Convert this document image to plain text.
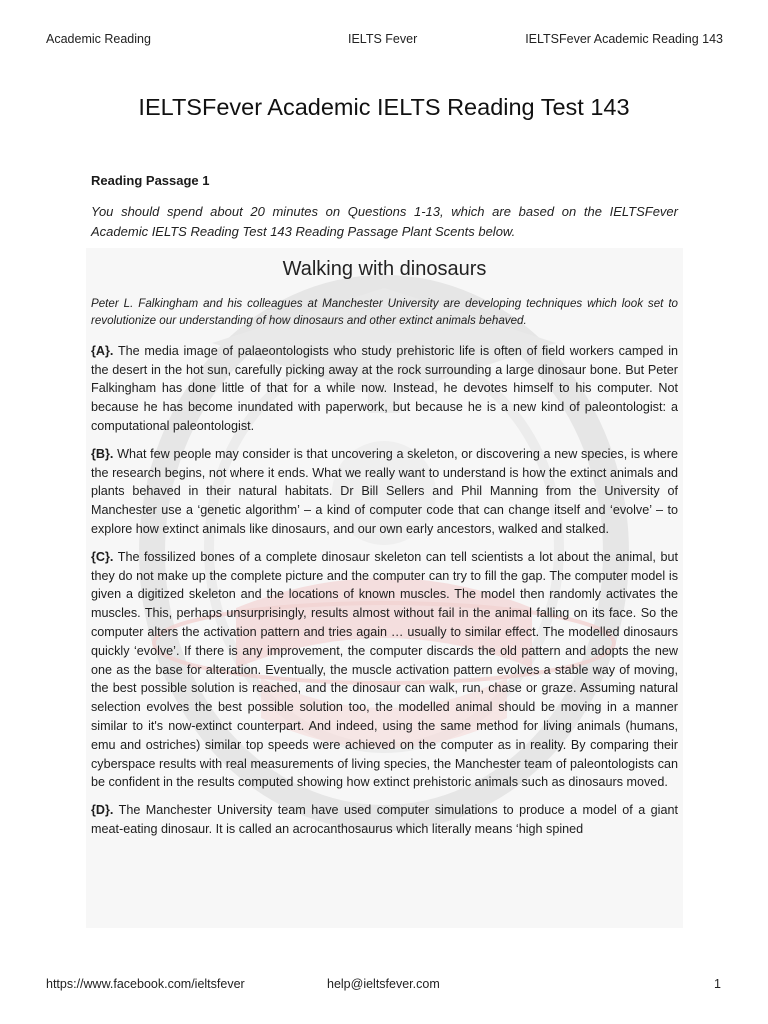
Academic Reading	IELTS Fever	IELTSFever Academic Reading 143
IELTSFever Academic IELTS Reading Test 143
Reading Passage 1
You should spend about 20 minutes on Questions 1-13, which are based on the IELTSFever Academic IELTS Reading Test 143 Reading Passage Plant Scents below.
Walking with dinosaurs

Peter L. Falkingham and his colleagues at Manchester University are developing techniques which look set to revolutionize our understanding of how dinosaurs and other extinct animals behaved.

{A}. The media image of palaeontologists who study prehistoric life is often of field workers camped in the desert in the hot sun, carefully picking away at the rock surrounding a large dinosaur bone. But Peter Falkingham has done little of that for a while now. Instead, he devotes himself to his computer. Not because he has become inundated with paperwork, but because he is a new kind of paleontologist: a computational paleontologist.

{B}. What few people may consider is that uncovering a skeleton, or discovering a new species, is where the research begins, not where it ends. What we really want to understand is how the extinct animals and plants behaved in their natural habitats. Dr Bill Sellers and Phil Manning from the University of Manchester use a ‘genetic algorithm’ – a kind of computer code that can change itself and ‘evolve’ – to explore how extinct animals like dinosaurs, and our own early ancestors, walked and stalked.

{C}. The fossilized bones of a complete dinosaur skeleton can tell scientists a lot about the animal, but they do not make up the complete picture and the computer can try to fill the gap. The computer model is given a digitized skeleton and the locations of known muscles. The model then randomly activates the muscles. This, perhaps unsurprisingly, results almost without fail in the animal falling on its face. So the computer alters the activation pattern and tries again … usually to similar effect. The modelled dinosaurs quickly ‘evolve’. If there is any improvement, the computer discards the old pattern and adopts the new one as the base for alteration. Eventually, the muscle activation pattern evolves a stable way of moving, the best possible solution is reached, and the dinosaur can walk, run, chase or graze. Assuming natural selection evolves the best possible solution too, the modelled animal should be moving in a manner similar to it's now-extinct counterpart. And indeed, using the same method for living animals (humans, emu and ostriches) similar top speeds were achieved on the computer as in reality. By comparing their cyberspace results with real measurements of living species, the Manchester team of paleontologists can be confident in the results computed showing how extinct prehistoric animals such as dinosaurs moved.

{D}. The Manchester University team have used computer simulations to produce a model of a giant meat-eating dinosaur. It is called an acrocanthosaurus which literally means ‘high spined

https://www.facebook.com/ieltsfever	help@ieltsfever.com	1
